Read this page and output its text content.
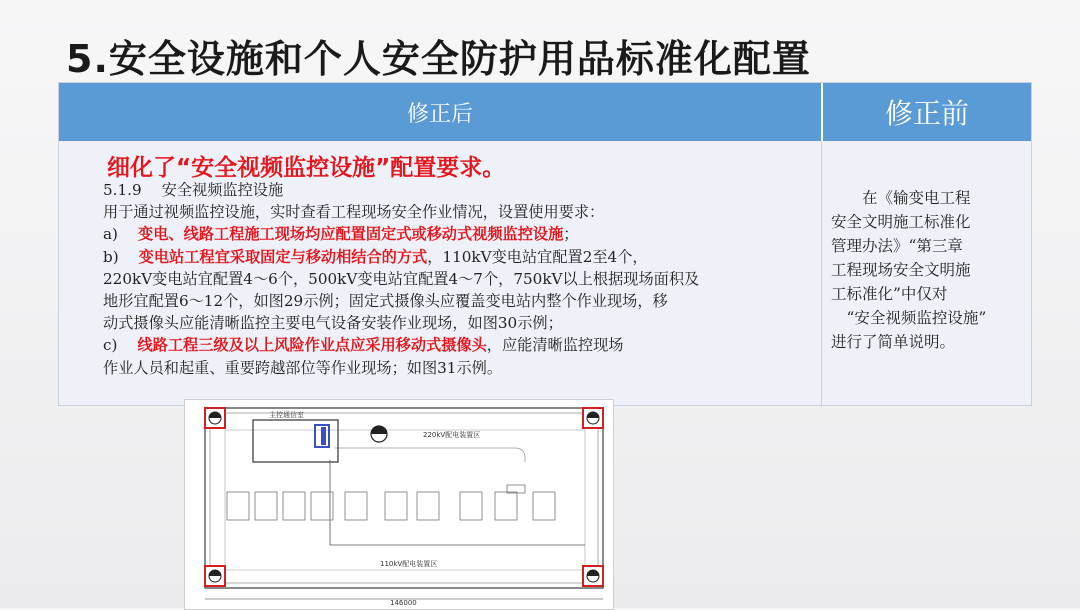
5.安全设施和个人安全防护用品标准化配置
修正后	修正前
细化了“安全视频监控设施”配置要求。

5.1.9　 安全视频监控设施

用于通过视频监控设施，实时查看工程现场安全作业情况，设置使用要求：

a)　 变电、线路工程施工现场均应配置固定式或移动式视频监控设施；

b)　 变电站工程宜采取固定与移动相结合的方式，110kV变电站宜配置2至4个，

220kV变电站宜配置4～6个，500kV变电站宜配置4～7个，750kV以上根据现场面积及

地形宜配置6～12个，如图29示例；固定式摄像头应覆盖变电站内整个作业现场，移

动式摄像头应能清晰监控主要电气设备安装作业现场，如图30示例；

c)　 线路工程三级及以上风险作业点应采用移动式摄像头，应能清晰监控现场

作业人员和起重、重要跨越部位等作业现场；如图31示例。

　　在《输变电工程

安全文明施工标准化

管理办法》“第三章

工程现场安全文明施

工标准化”中仅对

　“安全视频监控设施”

进行了简单说明。

主控通信室
220kV配电装置区
110kV配电装置区
146000
